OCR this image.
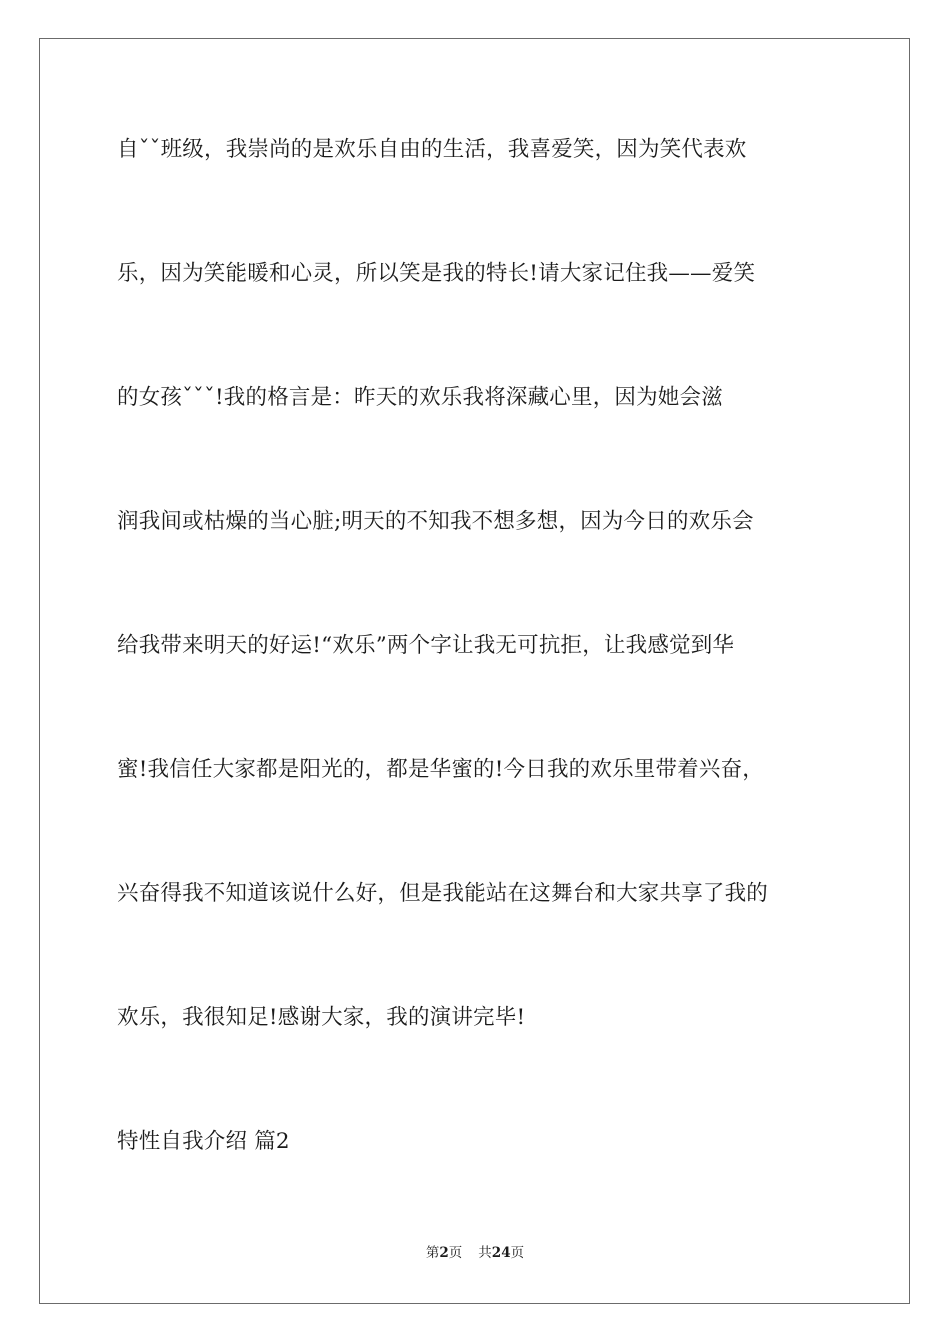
自ˇˇ班级，我崇尚的是欢乐自由的生活，我喜爱笑，因为笑代表欢
乐，因为笑能暖和心灵，所以笑是我的特长!请大家记住我——爱笑
的女孩ˇˇˇ!我的格言是：昨天的欢乐我将深藏心里，因为她会滋
润我间或枯燥的当心脏;明天的不知我不想多想，因为今日的欢乐会
给我带来明天的好运!“欢乐”两个字让我无可抗拒，让我感觉到华
蜜!我信任大家都是阳光的，都是华蜜的!今日我的欢乐里带着兴奋，
兴奋得我不知道该说什么好，但是我能站在这舞台和大家共享了我的
欢乐，我很知足!感谢大家，我的演讲完毕!
特性自我介绍 篇2
第2页 共24页
